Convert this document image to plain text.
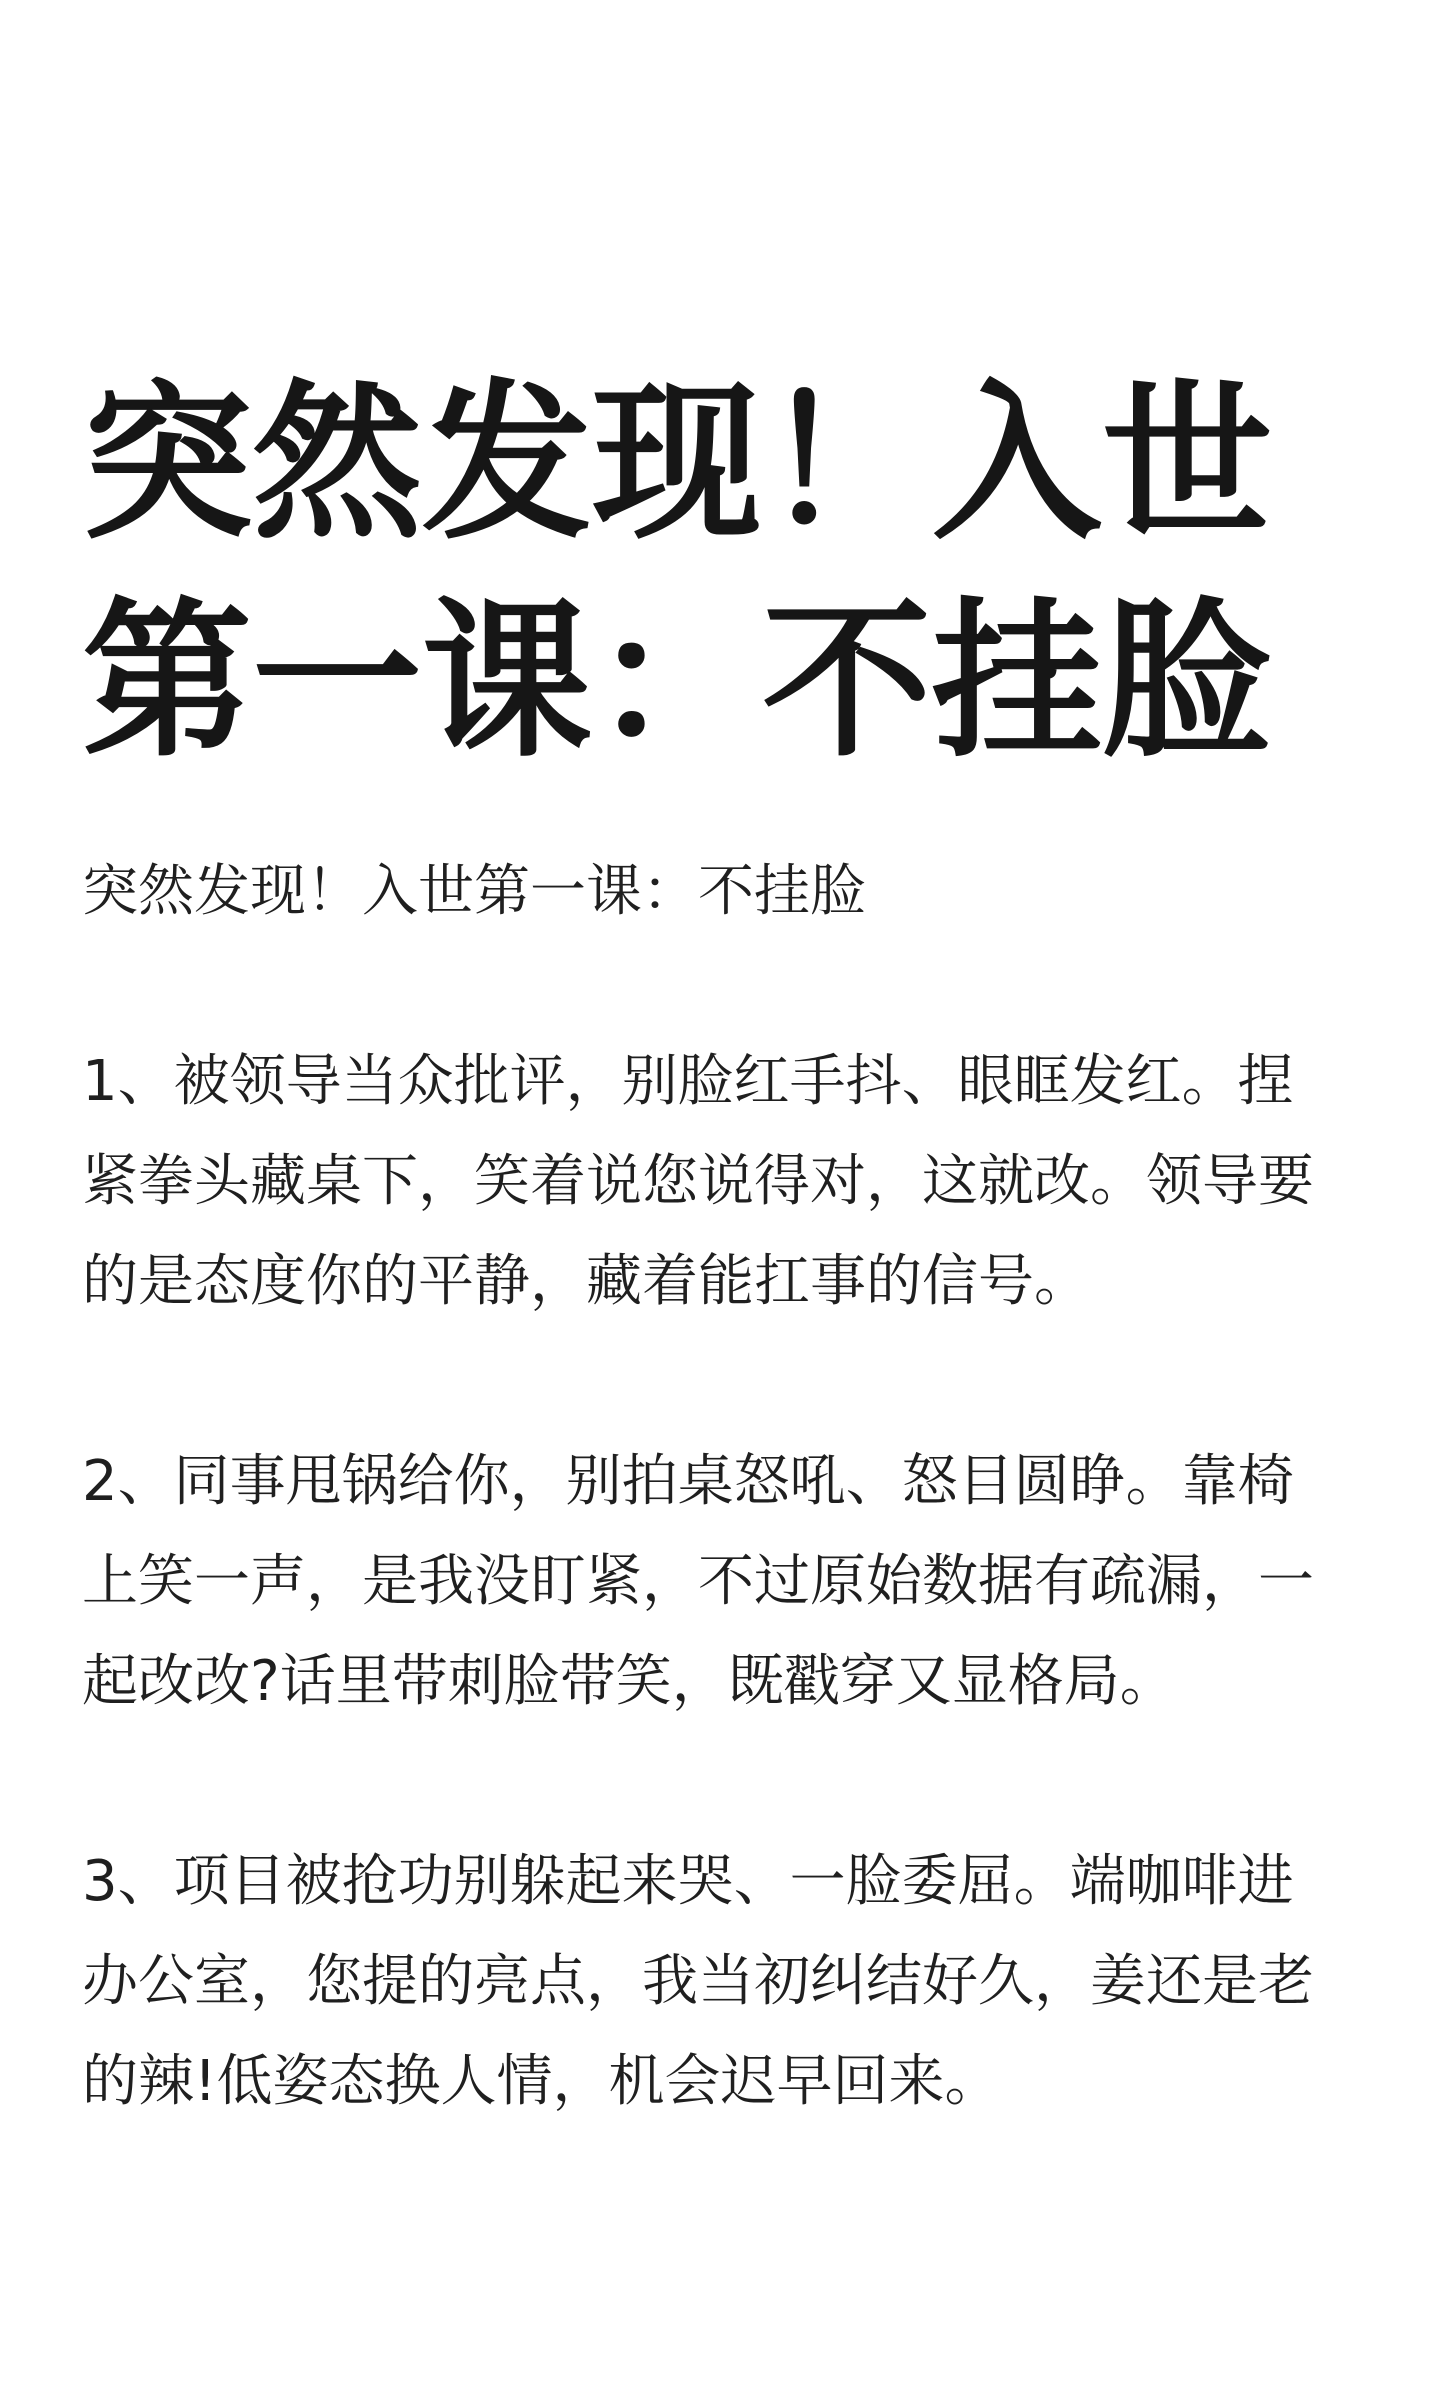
突然发现！入世
第一课：不挂脸

突然发现！入世第一课：不挂脸

1、被领导当众批评，别脸红手抖、眼眶发红。捏
紧拳头藏桌下，笑着说您说得对，这就改。领导要
的是态度你的平静，藏着能扛事的信号。

2、同事甩锅给你，别拍桌怒吼、怒目圆睁。靠椅
上笑一声，是我没盯紧，不过原始数据有疏漏，一
起改改?话里带刺脸带笑，既戳穿又显格局。

3、项目被抢功别躲起来哭、一脸委屈。端咖啡进
办公室，您提的亮点，我当初纠结好久，姜还是老
的辣!低姿态换人情，机会迟早回来。
